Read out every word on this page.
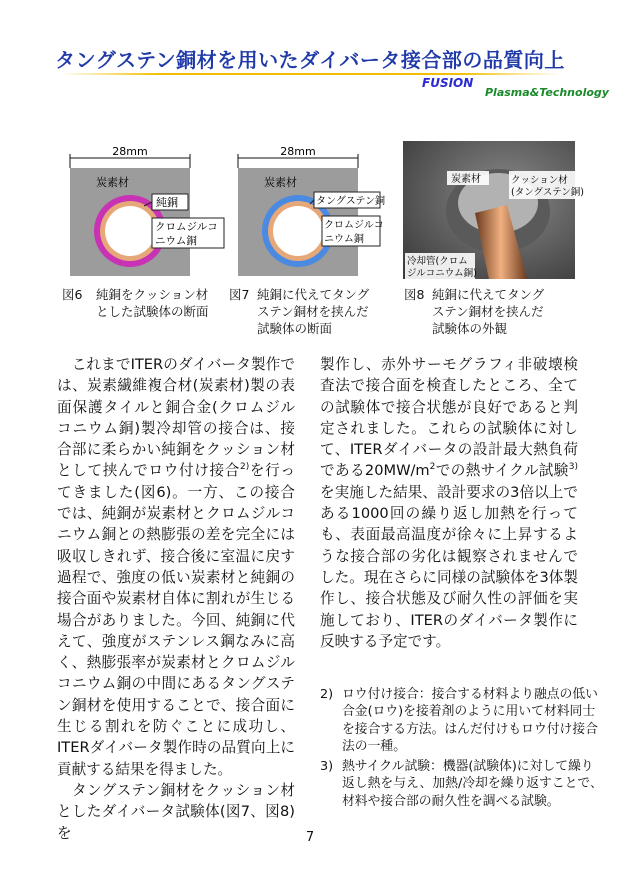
タングステン銅材を用いたダイバータ接合部の品質向上
FUSION
Plasma&Technology
28mm
炭素材
純銅
クロムジルコ
ニウム銅
28mm
炭素材
タングステン銅
クロムジルコ
ニウム銅
炭素材	クッション材
(タングステン銅)
冷却管(クロム
ジルコニウム銅)
図6 純銅をクッション材
とした試験体の断面
図7 純銅に代えてタング
ステン銅材を挟んだ
試験体の断面
図8 純銅に代えてタング
ステン銅材を挟んだ
試験体の外観

　これまでITERのダイバータ製作では、炭素繊維複合材(炭素材)製の表面保護タイルと銅合金(クロムジルコニウム銅)製冷却管の接合は、接合部に柔らかい純銅をクッション材として挟んでロウ付け接合$^{2)}$を行ってきました(図6)。一方、この接合では、純銅が炭素材とクロムジルコニウム銅との熱膨張の差を完全には吸収しきれず、接合後に室温に戻す過程で、強度の低い炭素材と純銅の接合面や炭素材自体に割れが生じる場合がありました。今回、純銅に代えて、強度がステンレス鋼なみに高く、熱膨張率が炭素材とクロムジルコニウム銅の中間にあるタングステン銅材を使用することで、接合面に生じる割れを防ぐことに成功し、ITERダイバータ製作時の品質向上に貢献する結果を得ました。

　タングステン銅材をクッション材としたダイバータ試験体(図7、図8)を

製作し、赤外サーモグラフィ非破壊検査法で接合面を検査したところ、全ての試験体で接合状態が良好であると判定されました。これらの試験体に対して、ITERダイバータの設計最大熱負荷である$20MW/m^2$での熱サイクル試験$^{3)}$を実施した結果、設計要求の3倍以上である1000回の繰り返し加熱を行っても、表面最高温度が徐々に上昇するような接合部の劣化は観察されませんでした。現在さらに同様の試験体を3体製作し、接合状態及び耐久性の評価を実施しており、ITERのダイバータ製作に反映する予定です。

2) ロウ付け接合：接合する材料より融点の低い合金(ロウ)を接着剤のように用いて材料同士を接合する方法。はんだ付けもロウ付け接合法の一種。
3) 熱サイクル試験：機器(試験体)に対して繰り返し熱を与え、加熱/冷却を繰り返すことで、材料や接合部の耐久性を調べる試験。
7
